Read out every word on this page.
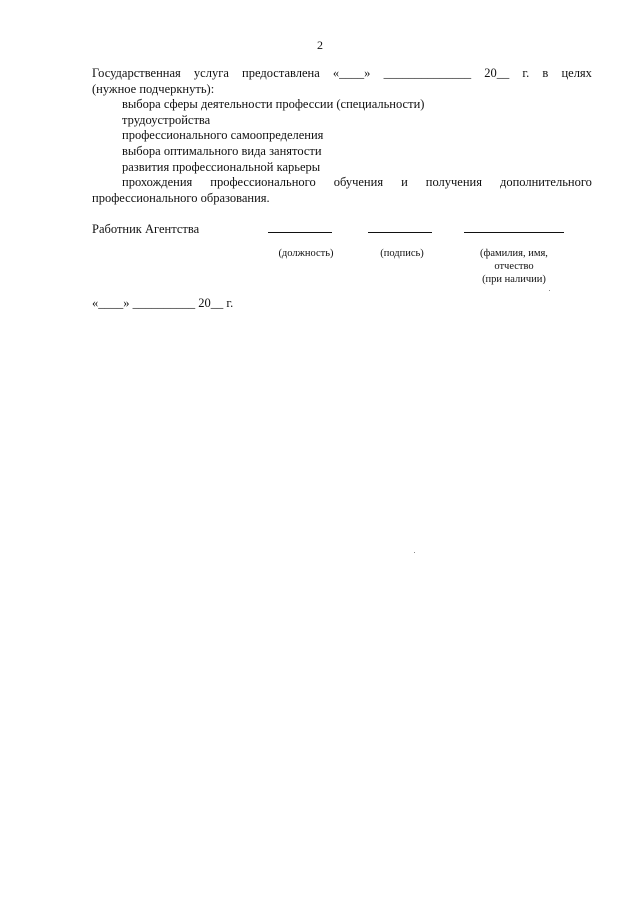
2
Государственная услуга предоставлена «____» ______________ 20__ г. в целях
(нужное подчеркнуть):
выбора сферы деятельности профессии (специальности)
трудоустройства
профессионального самоопределения
выбора оптимального вида занятости
развития профессиональной карьеры
прохождения профессионального обучения и получения дополнительного
профессионального образования.
Работник Агентства
(должность)	(подпись)	(фамилия, имя,
отчество
(при наличии)
«____» __________ 20__ г.
